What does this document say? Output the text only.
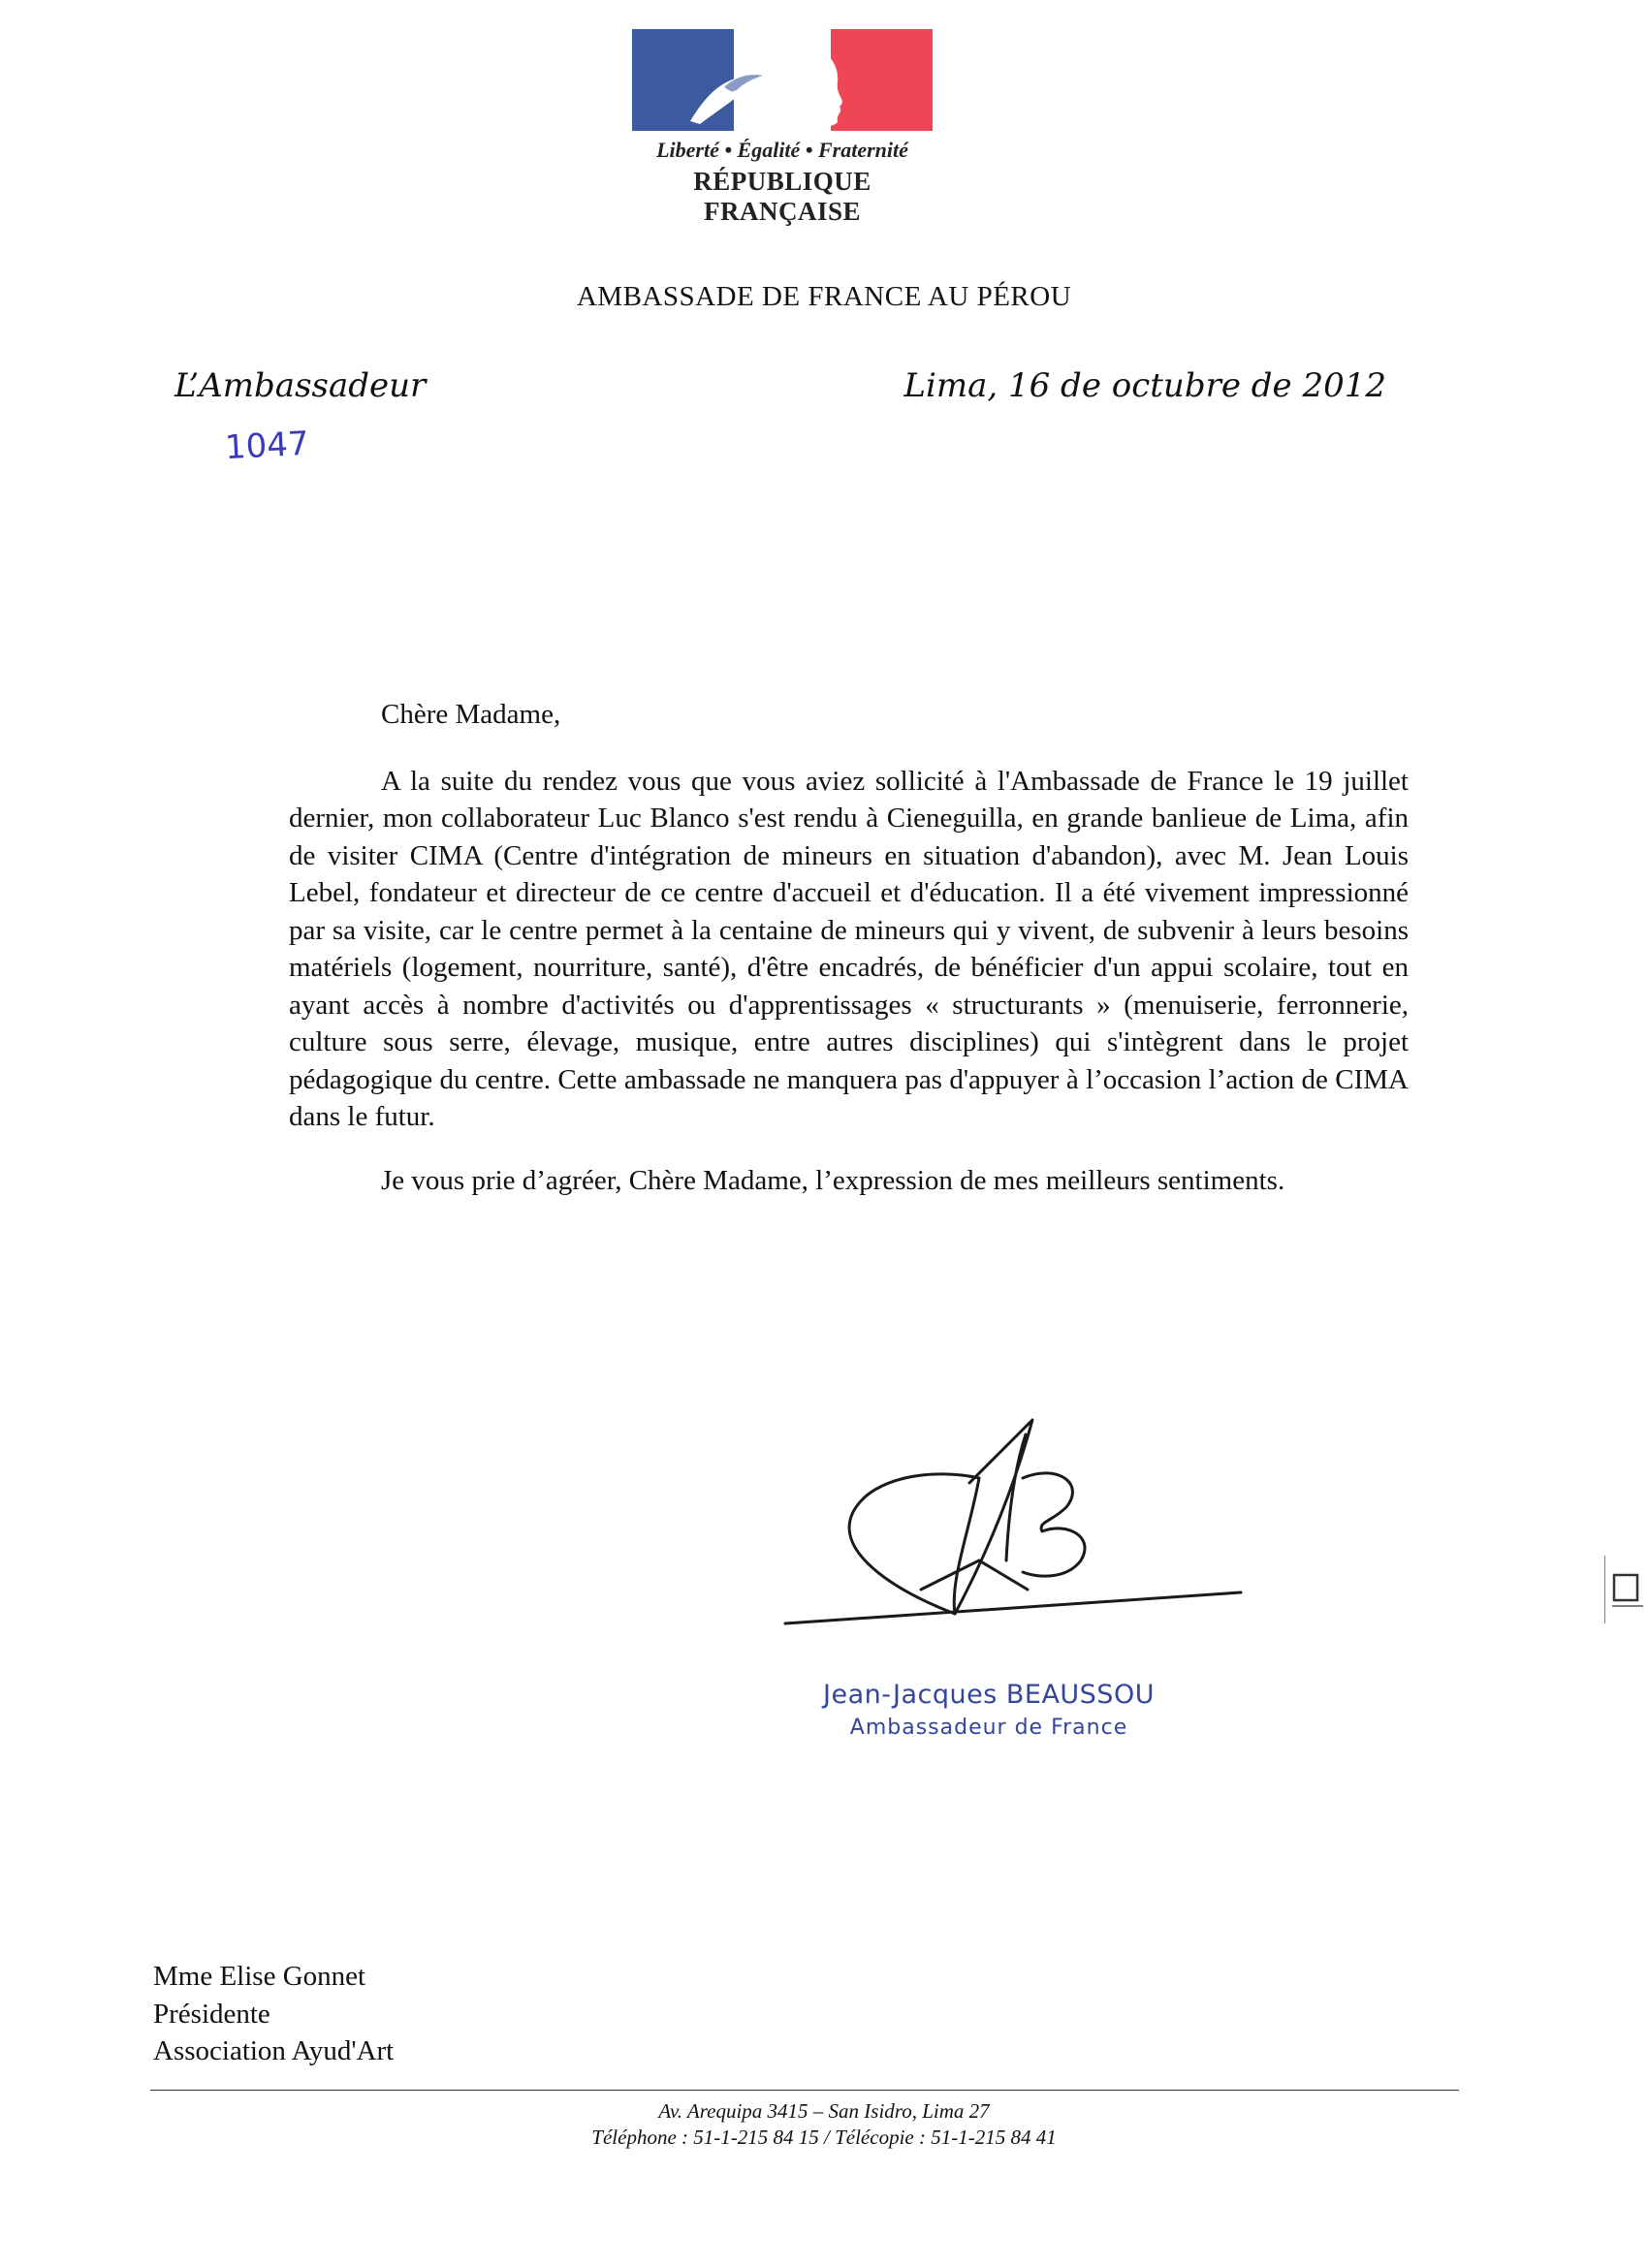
Liberté • Égalité • Fraternité
RÉPUBLIQUE FRANÇAISE
AMBASSADE DE FRANCE AU PÉROU
L’Ambassadeur
1047
Lima, 16 de octubre de 2012
Chère Madame,

A la suite du rendez vous que vous aviez sollicité à l'Ambassade de France le 19 juillet dernier, mon collaborateur Luc Blanco s'est rendu à Cieneguilla, en grande banlieue de Lima, afin de visiter CIMA (Centre d'intégration de mineurs en situation d'abandon), avec M. Jean Louis Lebel, fondateur et directeur de ce centre d'accueil et d'éducation. Il a été vivement impressionné par sa visite, car le centre permet à la centaine de mineurs qui y vivent, de subvenir à leurs besoins matériels (logement, nourriture, santé), d'être encadrés, de bénéficier d'un appui scolaire, tout en ayant accès à nombre d'activités ou d'apprentissages « structurants » (menuiserie, ferronnerie, culture sous serre, élevage, musique, entre autres disciplines) qui s'intègrent dans le projet pédagogique du centre. Cette ambassade ne manquera pas d'appuyer à l’occasion l’action de CIMA dans le futur.

Je vous prie d’agréer, Chère Madame, l’expression de mes meilleurs sentiments.

Jean-Jacques BEAUSSOU
Ambassadeur de France
Mme Elise Gonnet
Présidente
Association Ayud'Art
Av. Arequipa 3415 – San Isidro, Lima 27
Téléphone : 51-1-215 84 15 / Télécopie : 51-1-215 84 41
